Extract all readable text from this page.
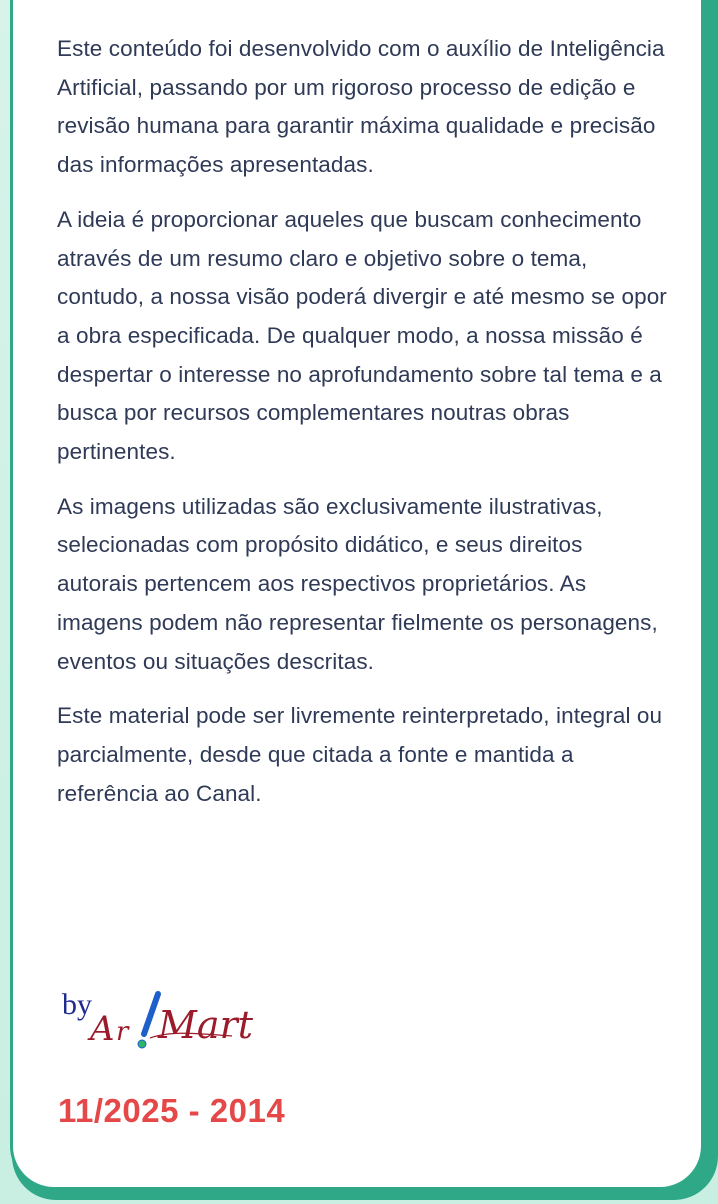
Este conteúdo foi desenvolvido com o auxílio de Inteligência Artificial, passando por um rigoroso processo de edição e revisão humana para garantir máxima qualidade e precisão das informações apresentadas.

A ideia é proporcionar aqueles que buscam conhecimento através de um resumo claro e objetivo sobre o tema, contudo, a nossa visão poderá divergir e até mesmo se opor a obra especificada. De qualquer modo, a nossa missão é despertar o interesse no aprofundamento sobre tal tema e a busca por recursos complementares noutras obras pertinentes.

As imagens utilizadas são exclusivamente ilustrativas, selecionadas com propósito didático, e seus direitos autorais pertencem aos respectivos proprietários. As imagens podem não representar fielmente os personagens, eventos ou situações descritas.

Este material pode ser livremente reinterpretado, integral ou parcialmente, desde que citada a fonte e mantida a referência ao Canal.

by
A r Mart
11/2025 - 2014
